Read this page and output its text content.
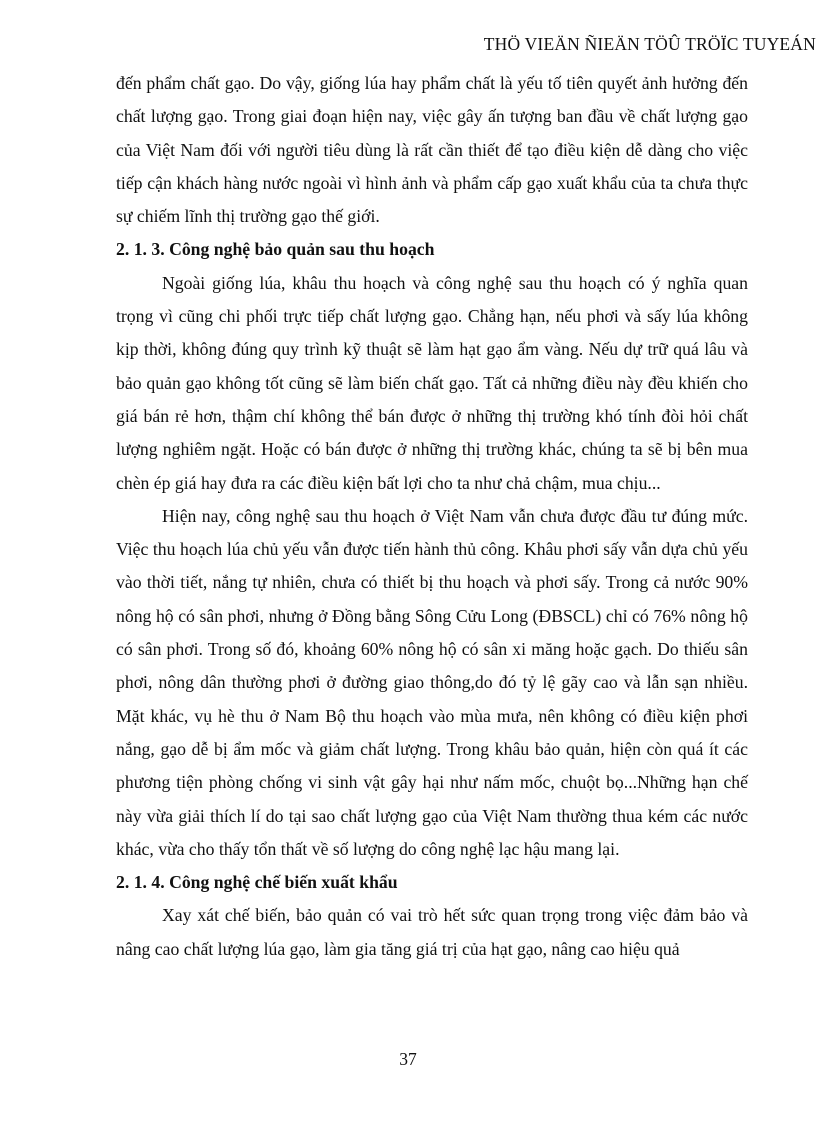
THÖ VIEÄN ÑIEÄN TÖÛ TRÖÏC TUYEÁN

đến phẩm chất gạo. Do vậy, giống lúa hay phẩm chất là yếu tố tiên quyết ảnh hưởng đến chất lượng gạo. Trong giai đoạn hiện nay, việc gây ấn tượng ban đầu về chất lượng gạo của Việt Nam đối với người tiêu dùng là rất cần thiết để tạo điều kiện dễ dàng cho việc tiếp cận khách hàng nước ngoài vì hình ảnh và phẩm cấp gạo xuất khẩu của ta chưa thực sự chiếm lĩnh thị trường gạo thế giới.

2. 1. 3. Công nghệ bảo quản sau thu hoạch

Ngoài giống lúa, khâu thu hoạch và công nghệ sau thu hoạch có ý nghĩa quan trọng vì cũng chi phối trực tiếp chất lượng gạo. Chẳng hạn, nếu phơi và sấy lúa không kịp thời, không đúng quy trình kỹ thuật sẽ làm hạt gạo ẩm vàng. Nếu dự trữ quá lâu và bảo quản gạo không tốt cũng sẽ làm biến chất gạo. Tất cả những điều này đều khiến cho giá bán rẻ hơn, thậm chí không thể bán được ở những thị trường khó tính đòi hỏi chất lượng nghiêm ngặt. Hoặc có bán được ở những thị trường khác, chúng ta sẽ bị bên mua chèn ép giá hay đưa ra các điều kiện bất lợi cho ta như chả chậm, mua chịu...

Hiện nay, công nghệ sau thu hoạch ở Việt Nam vẫn chưa được đầu tư đúng mức. Việc thu hoạch lúa chủ yếu vẫn được tiến hành thủ công. Khâu phơi sấy vẫn dựa chủ yếu vào thời tiết, nắng tự nhiên, chưa có thiết bị thu hoạch và phơi sấy. Trong cả nước 90% nông hộ có sân phơi, nhưng ở Đồng bằng Sông Cửu Long (ĐBSCL) chỉ có 76% nông hộ có sân phơi. Trong số đó, khoảng 60% nông hộ có sân xi măng hoặc gạch. Do thiếu sân phơi, nông dân thường phơi ở đường giao thông,do đó tỷ lệ gãy cao và lẫn sạn nhiều. Mặt khác, vụ hè thu ở Nam Bộ thu hoạch vào mùa mưa, nên không có điều kiện phơi nắng, gạo dễ bị ẩm mốc và giảm chất lượng. Trong khâu bảo quản, hiện còn quá ít các phương tiện phòng chống vi sinh vật gây hại như nấm mốc, chuột bọ...Những hạn chế này vừa giải thích lí do tại sao chất lượng gạo của Việt Nam thường thua kém các nước khác, vừa cho thấy tổn thất về số lượng do công nghệ lạc hậu mang lại.

2. 1. 4. Công nghệ chế biến xuất khẩu

Xay xát chế biến, bảo quản có vai trò hết sức quan trọng trong việc đảm bảo và nâng cao chất lượng lúa gạo, làm gia tăng giá trị của hạt gạo, nâng cao hiệu quả

37
